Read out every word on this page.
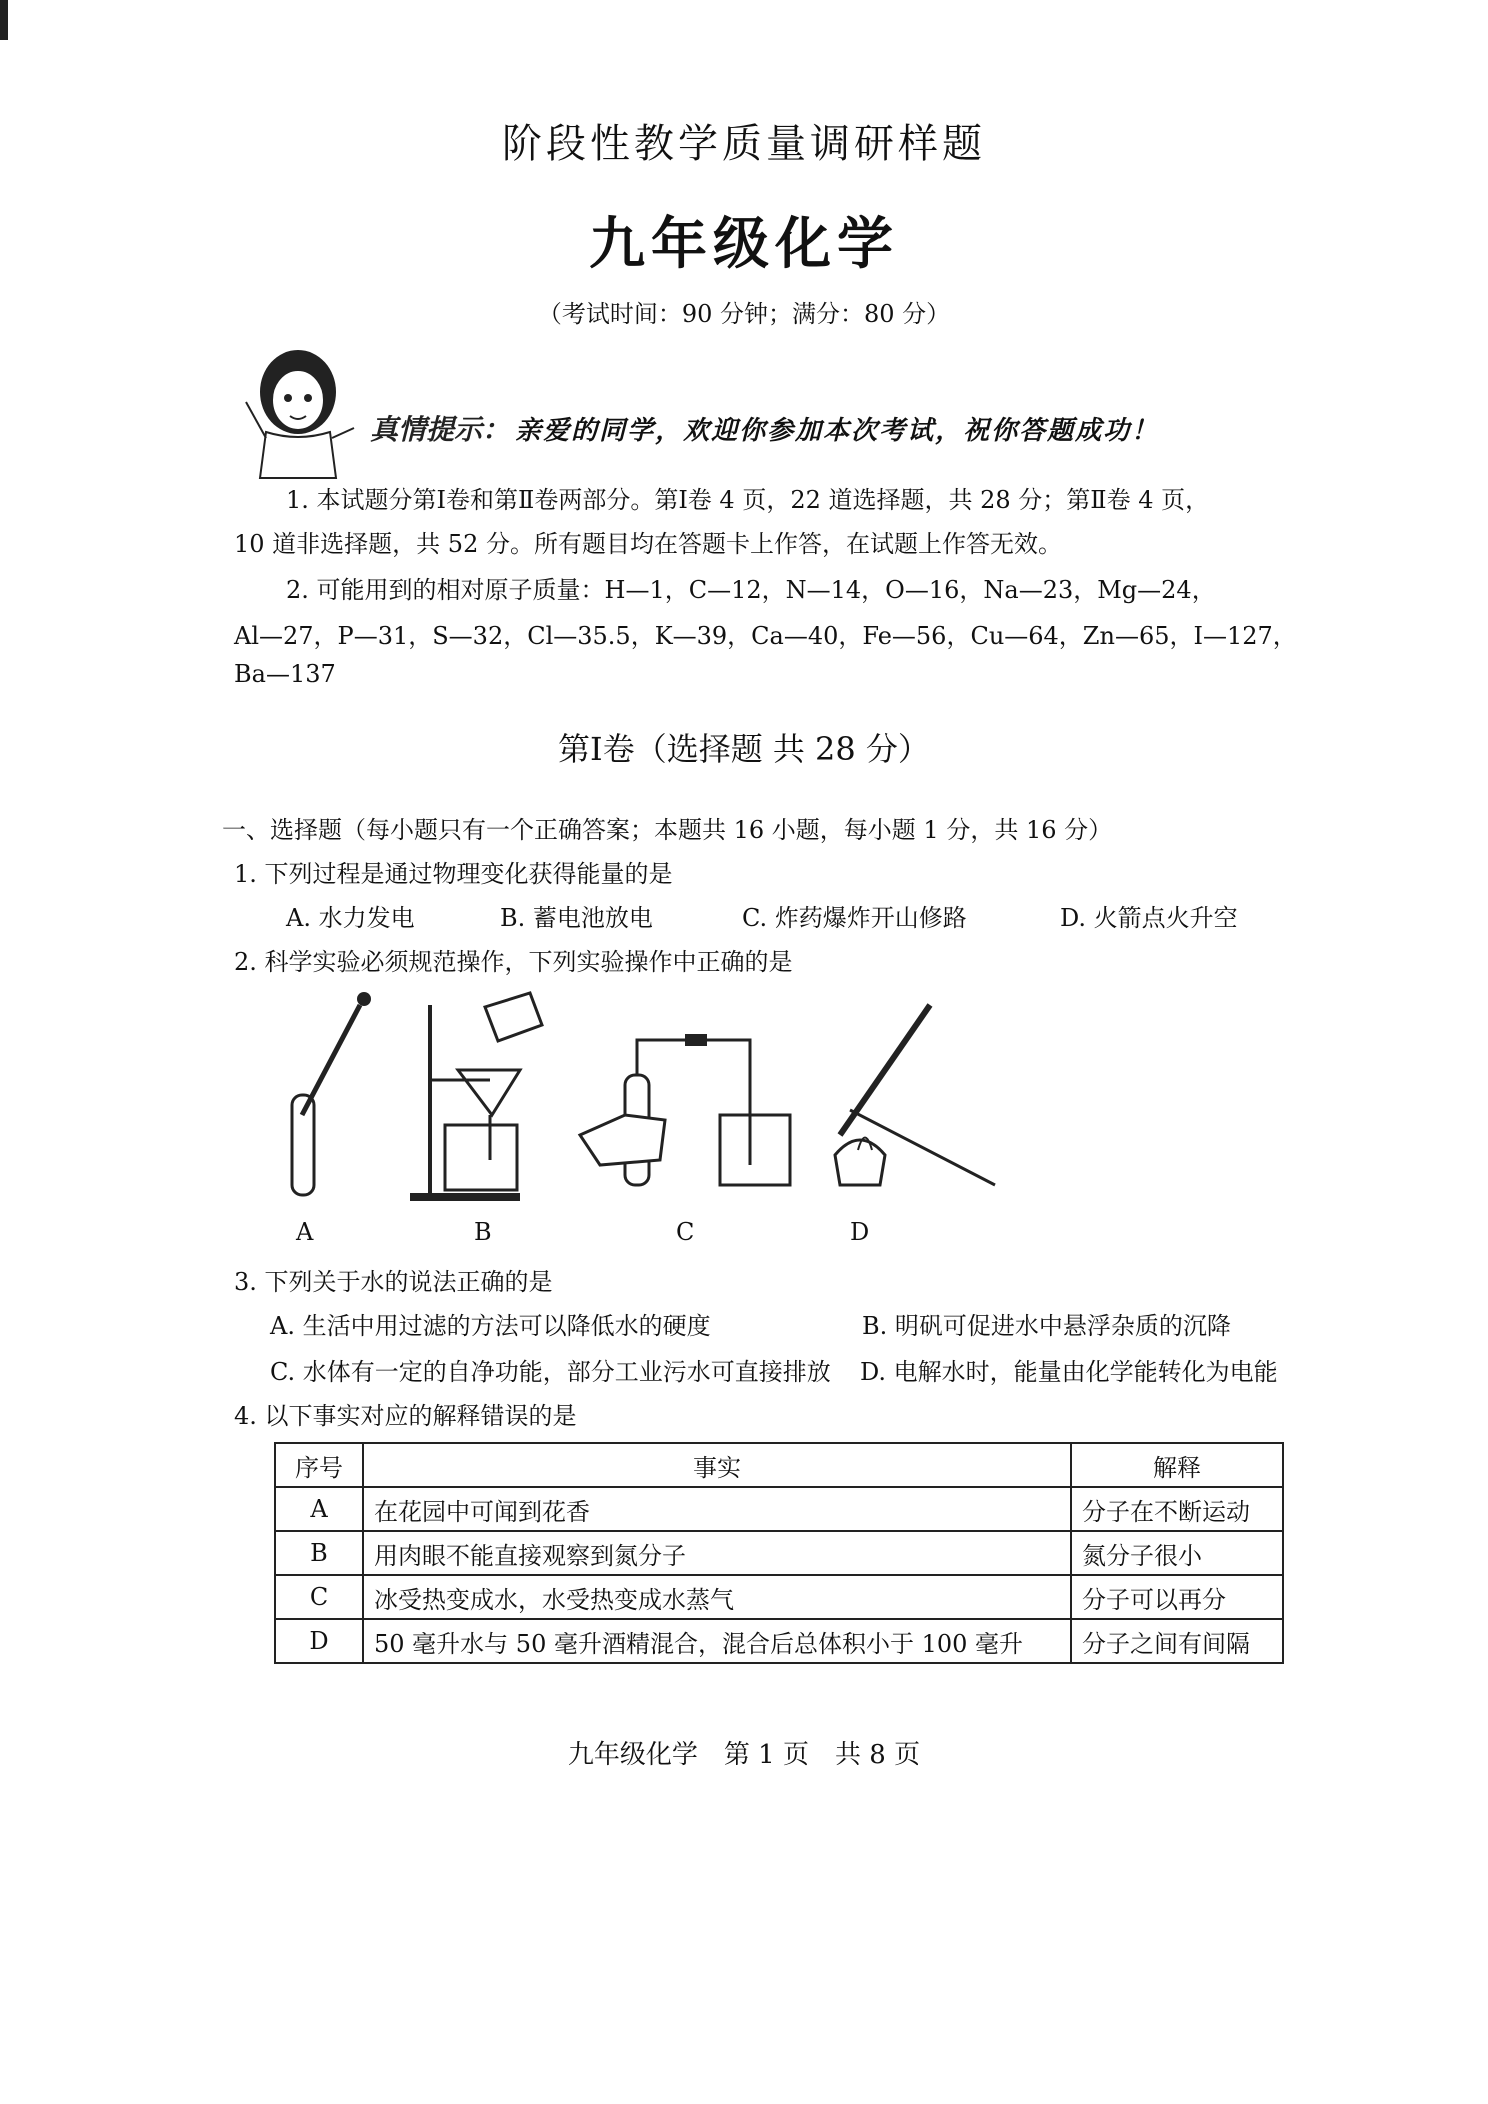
阶段性教学质量调研样题
九年级化学
（考试时间：90 分钟；满分：80 分）
真情提示： 亲爱的同学，欢迎你参加本次考试，祝你答题成功！
1. 本试题分第Ⅰ卷和第Ⅱ卷两部分。第Ⅰ卷 4 页，22 道选择题，共 28 分；第Ⅱ卷 4 页，
10 道非选择题，共 52 分。所有题目均在答题卡上作答，在试题上作答无效。
2. 可能用到的相对原子质量：H—1，C—12，N—14，O—16，Na—23，Mg—24，
Al—27，P—31，S—32，Cl—35.5，K—39，Ca—40，Fe—56，Cu—64，Zn—65，I—127，
Ba—137
第Ⅰ卷（选择题 共 28 分）
一、选择题（每小题只有一个正确答案；本题共 16 小题，每小题 1 分，共 16 分）
1. 下列过程是通过物理变化获得能量的是
A. 水力发电	B. 蓄电池放电	C. 炸药爆炸开山修路	D. 火箭点火升空
2. 科学实验必须规范操作，下列实验操作中正确的是
A	B	C	D
3. 下列关于水的说法正确的是
A. 生活中用过滤的方法可以降低水的硬度	B. 明矾可促进水中悬浮杂质的沉降
C. 水体有一定的自净功能，部分工业污水可直接排放 D. 电解水时，能量由化学能转化为电能
4. 以下事实对应的解释错误的是
序号	事实	解释
A	在花园中可闻到花香	分子在不断运动
B	用肉眼不能直接观察到氮分子	氮分子很小
C	冰受热变成水，水受热变成水蒸气	分子可以再分
D	50 毫升水与 50 毫升酒精混合，混合后总体积小于 100 毫升	分子之间有间隔
九年级化学　第 1 页　共 8 页
